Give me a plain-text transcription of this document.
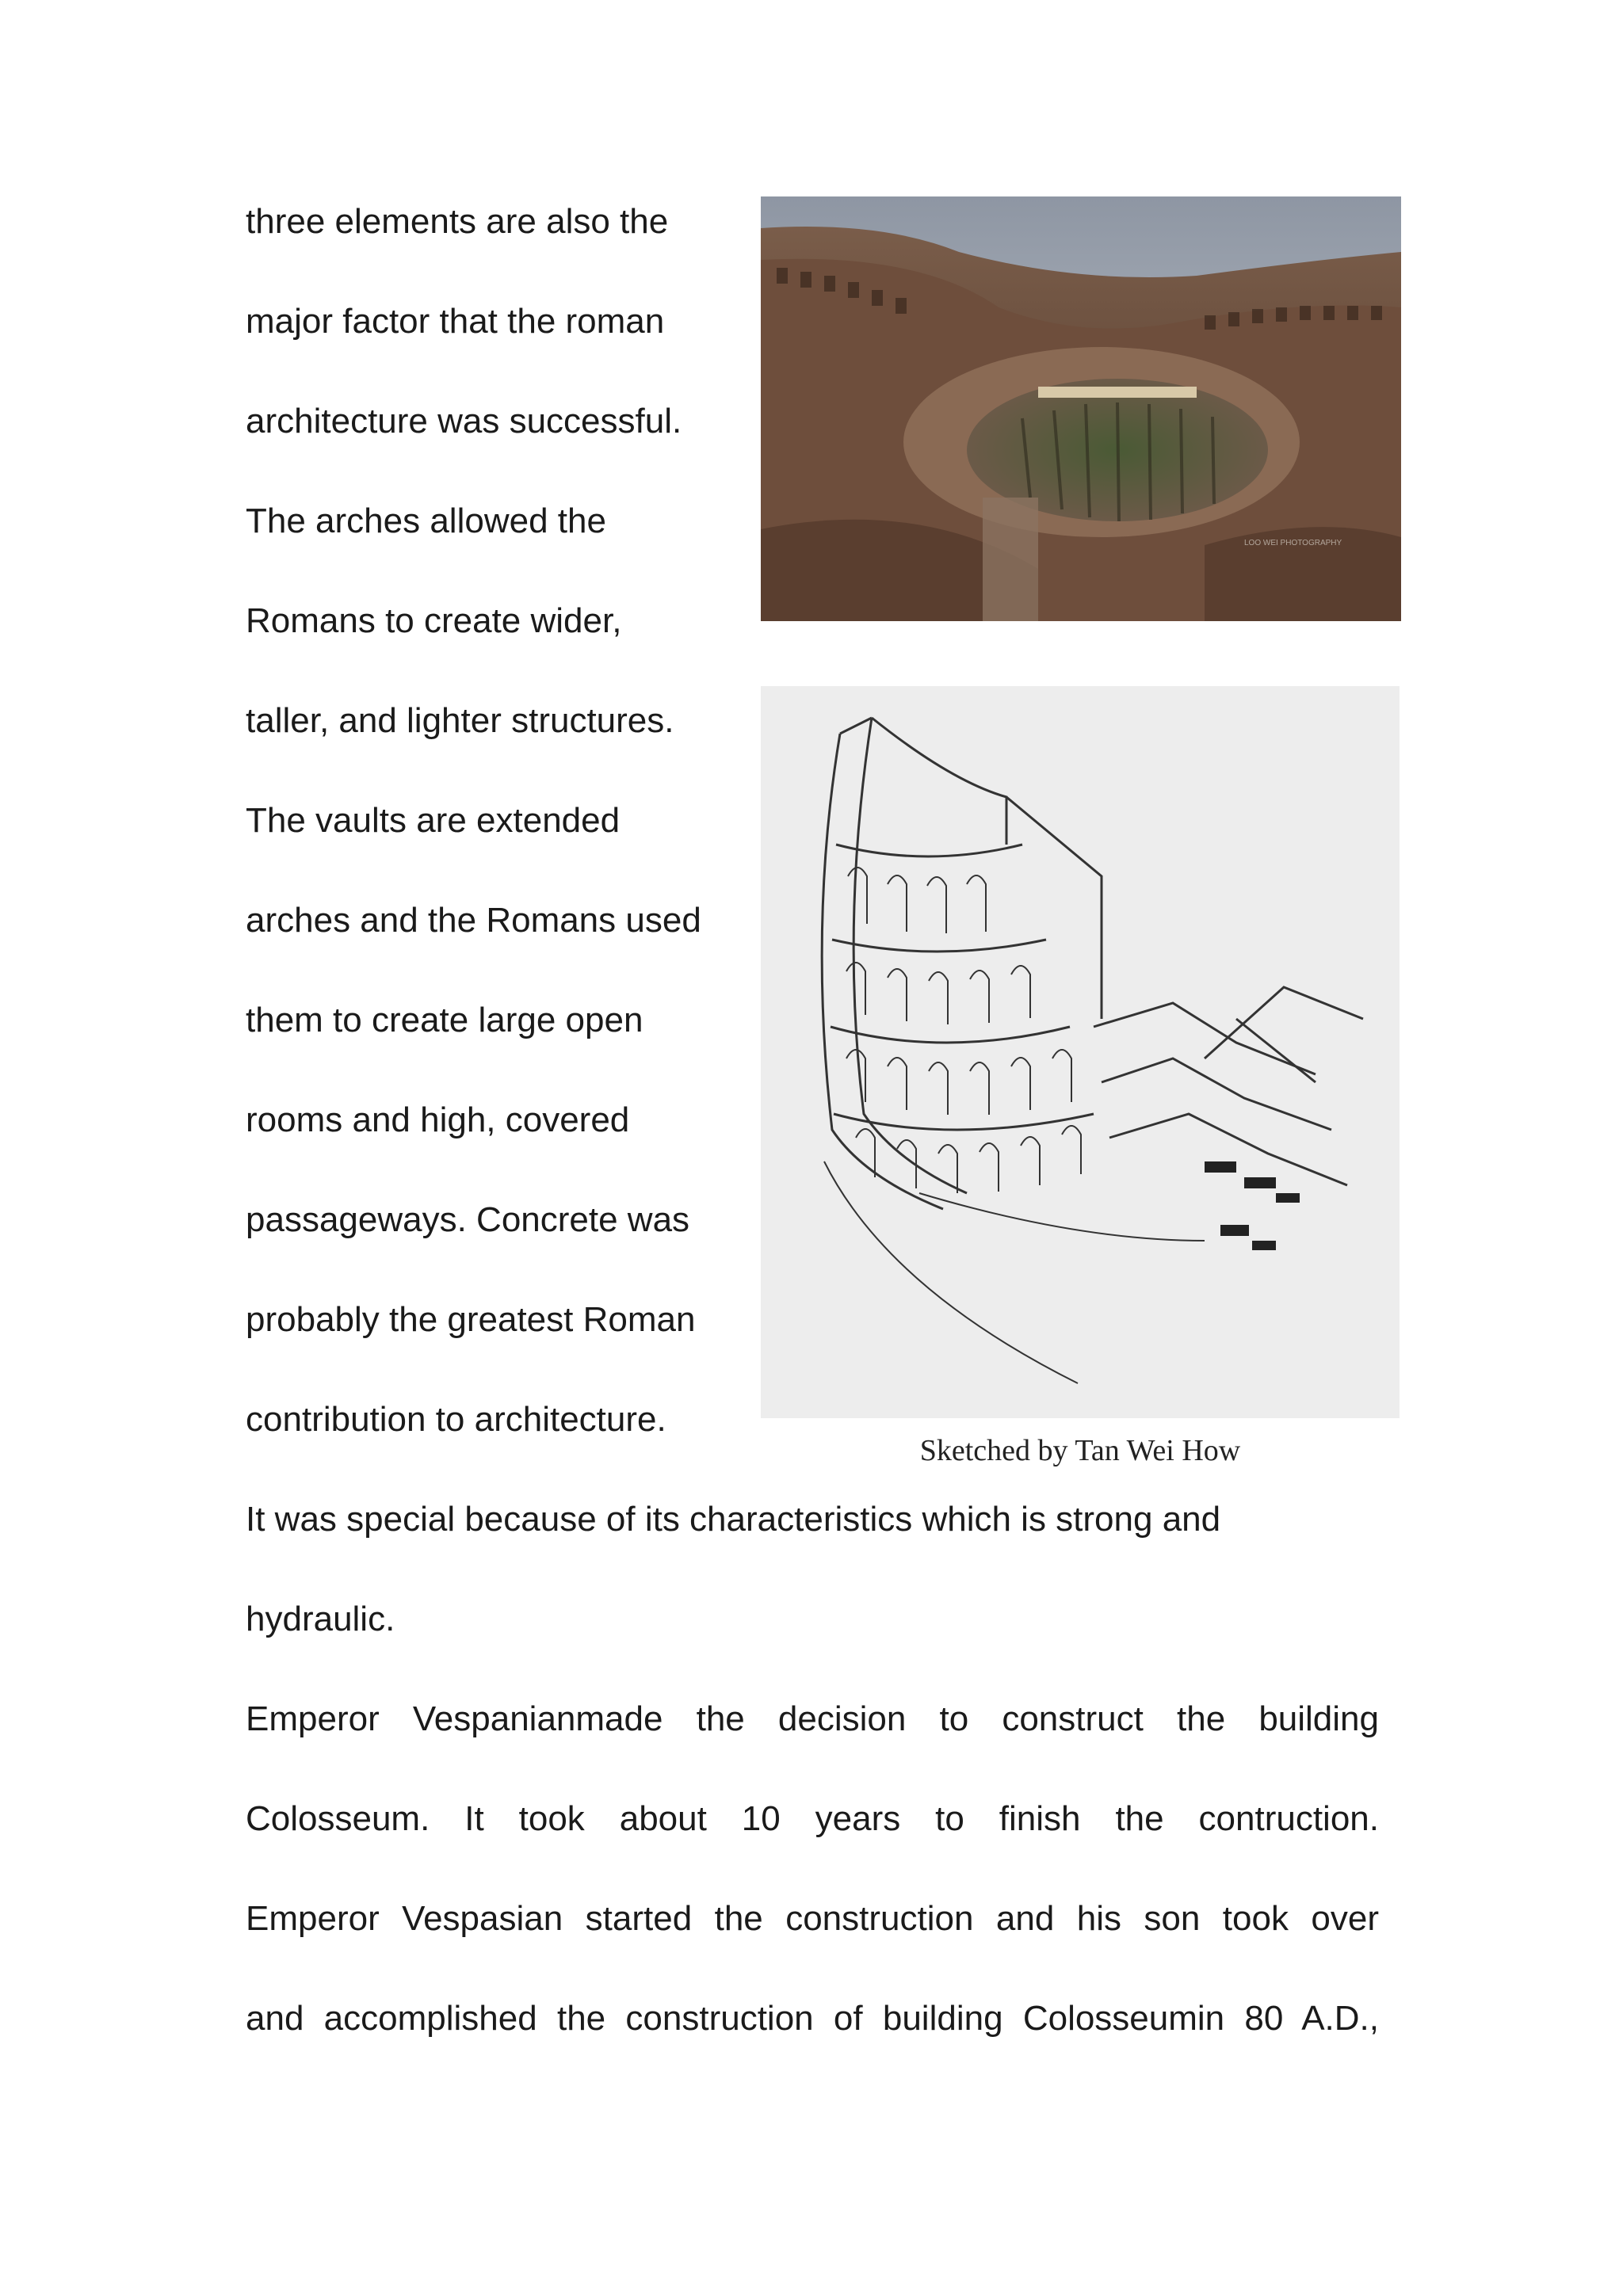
three elements are also the
major factor that the roman
architecture was successful.
The arches allowed the
Romans to create wider,
taller, and lighter structures.
The vaults are extended
arches and the Romans used
them to create large open
rooms and high, covered
passageways. Concrete was
probably the greatest Roman
contribution to architecture.
It was special because of its characteristics which is strong and
hydraulic.
Emperor Vespanianmade the decision to construct the building
Colosseum. It took about 10 years to finish the contruction.
Emperor Vespasian started the construction and his son took over
and accomplished the construction of building Colosseumin 80 A.D.,
LOO WEI PHOTOGRAPHY
Sketched by Tan Wei How
